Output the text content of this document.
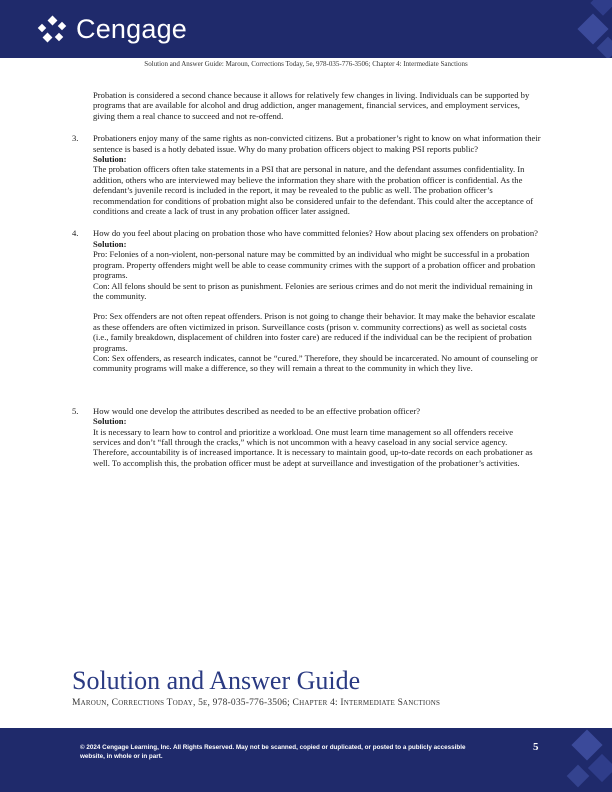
Cengage
Solution and Answer Guide: Maroun, Corrections Today, 5e, 978-035-776-3506; Chapter 4: Intermediate Sanctions

Probation is considered a second chance because it allows for relatively few changes in living. Individuals can be supported by programs that are available for alcohol and drug addiction, anger management, financial services, and employment services, giving them a real chance to succeed and not re-offend.

3.	Probationers enjoy many of the same rights as non-convicted citizens. But a probationer’s right to know on what information their sentence is based is a hotly debated issue. Why do many probation officers object to making PSI reports public?

Solution:

The probation officers often take statements in a PSI that are personal in nature, and the defendant assumes confidentiality. In addition, others who are interviewed may believe the information they share with the probation officer is confidential. As the defendant’s juvenile record is included in the report, it may be revealed to the public as well. The probation officer’s recommendation for conditions of probation might also be considered unfair to the defendant. This could alter the acceptance of conditions and create a lack of trust in any probation officer later assigned.

4.	How do you feel about placing on probation those who have committed felonies? How about placing sex offenders on probation?

Solution:

Pro: Felonies of a non-violent, non-personal nature may be committed by an individual who might be successful in a probation program. Property offenders might well be able to cease community crimes with the support of a probation officer and probation programs.

Con: All felons should be sent to prison as punishment. Felonies are serious crimes and do not merit the individual remaining in the community.

Pro: Sex offenders are not often repeat offenders. Prison is not going to change their behavior. It may make the behavior escalate as these offenders are often victimized in prison. Surveillance costs (prison v. community corrections) as well as societal costs (i.e., family breakdown, displacement of children into foster care) are reduced if the individual can be the recipient of probation programs.

Con: Sex offenders, as research indicates, cannot be “cured.” Therefore, they should be incarcerated. No amount of counseling or community programs will make a difference, so they will remain a threat to the community in which they live.

5.	How would one develop the attributes described as needed to be an effective probation officer?

Solution:

It is necessary to learn how to control and prioritize a workload. One must learn time management so all offenders receive services and don’t “fall through the cracks,” which is not uncommon with a heavy caseload in any social service agency. Therefore, accountability is of increased importance. It is necessary to maintain good, up-to-date records on each probationer as well. To accomplish this, the probation officer must be adept at surveillance and investigation of the probationer’s activities.

Solution and Answer Guide
Maroun, Corrections Today, 5e, 978-035-776-3506; Chapter 4: Intermediate Sanctions
© 2024 Cengage Learning, Inc. All Rights Reserved. May not be scanned, copied or duplicated, or posted to a publicly accessible website, in whole or in part.
5
